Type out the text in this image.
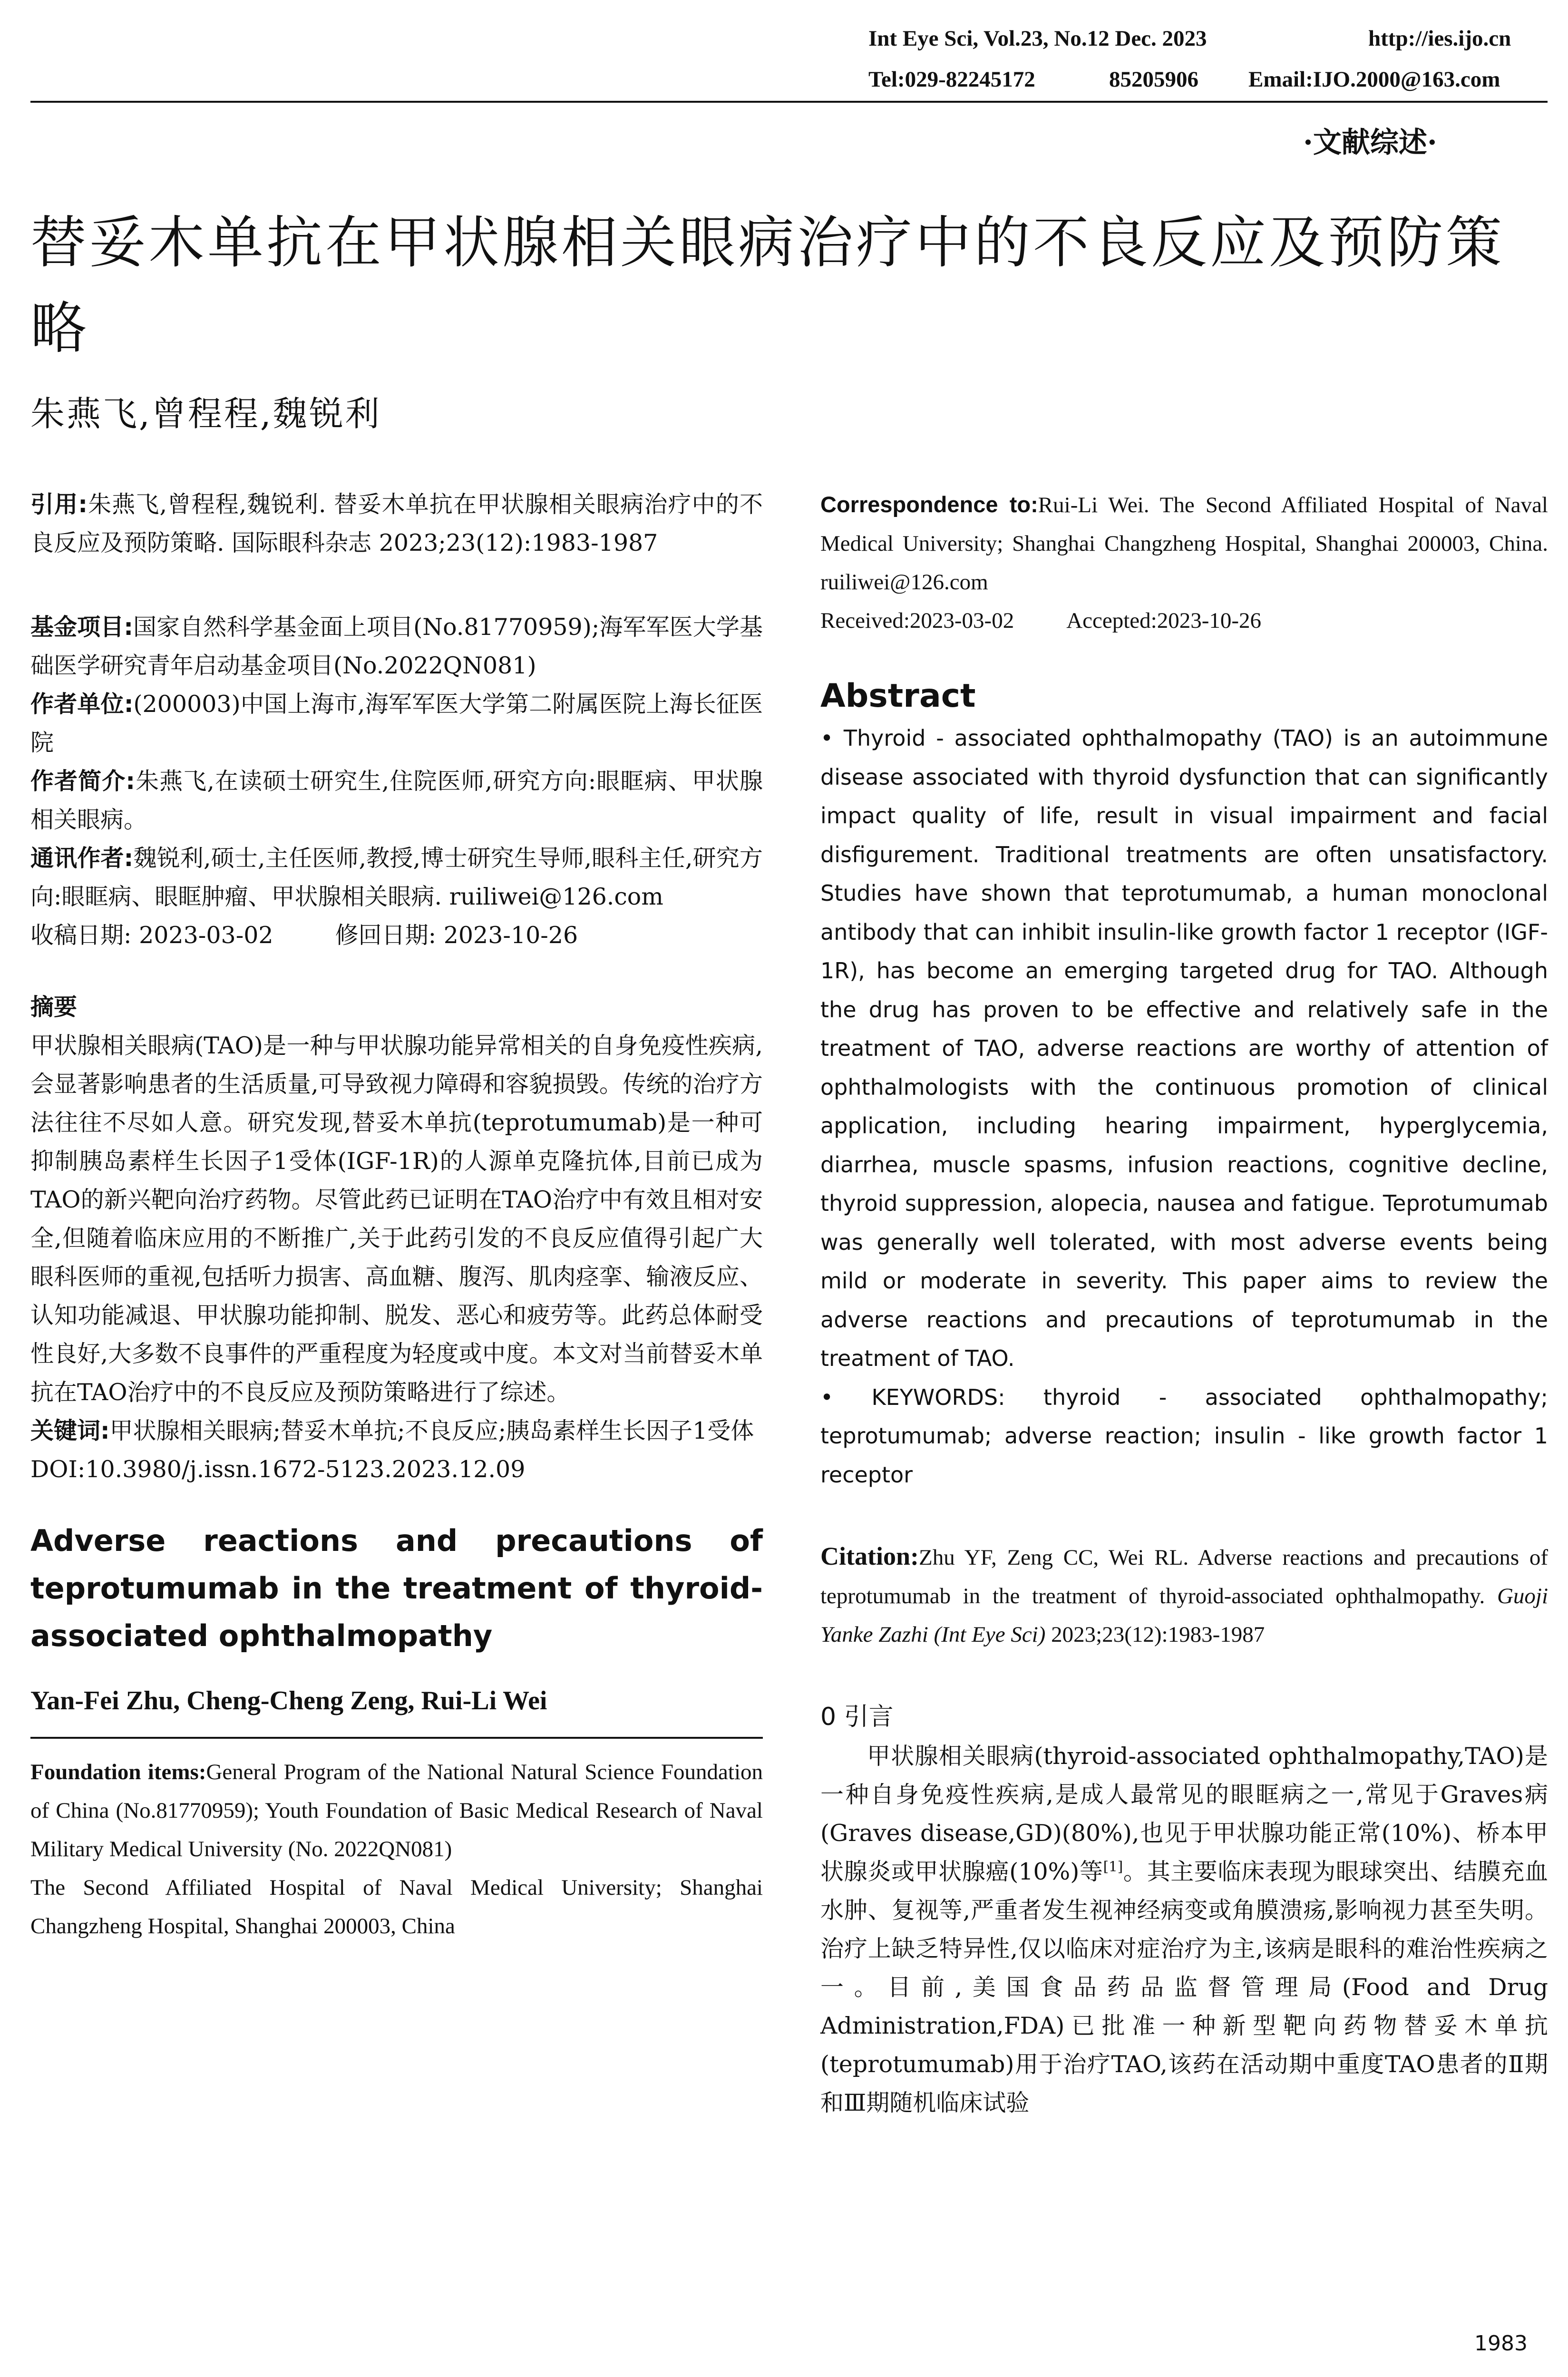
Int Eye Sci, Vol.23, No.12 Dec. 2023	http://ies.ijo.cn
Tel:029-82245172	85205906 Email:IJO.2000@163.com
·文献综述·
替妥木单抗在甲状腺相关眼病治疗中的不良反应及预防策略
朱燕飞,曾程程,魏锐利

引用:朱燕飞,曾程程,魏锐利. 替妥木单抗在甲状腺相关眼病治疗中的不良反应及预防策略. 国际眼科杂志 2023;23(12):1983-1987

基金项目:国家自然科学基金面上项目(No.81770959);海军军医大学基础医学研究青年启动基金项目(No.2022QN081)

作者单位:(200003)中国上海市,海军军医大学第二附属医院上海长征医院

作者简介:朱燕飞,在读硕士研究生,住院医师,研究方向:眼眶病、甲状腺相关眼病。

通讯作者:魏锐利,硕士,主任医师,教授,博士研究生导师,眼科主任,研究方向:眼眶病、眼眶肿瘤、甲状腺相关眼病. ruiliwei@126.com

收稿日期: 2023-03-02	修回日期: 2023-10-26

摘要

甲状腺相关眼病(TAO)是一种与甲状腺功能异常相关的自身免疫性疾病,会显著影响患者的生活质量,可导致视力障碍和容貌损毁。传统的治疗方法往往不尽如人意。研究发现,替妥木单抗(teprotumumab)是一种可抑制胰岛素样生长因子1受体(IGF-1R)的人源单克隆抗体,目前已成为TAO的新兴靶向治疗药物。尽管此药已证明在TAO治疗中有效且相对安全,但随着临床应用的不断推广,关于此药引发的不良反应值得引起广大眼科医师的重视,包括听力损害、高血糖、腹泻、肌肉痉挛、输液反应、认知功能减退、甲状腺功能抑制、脱发、恶心和疲劳等。此药总体耐受性良好,大多数不良事件的严重程度为轻度或中度。本文对当前替妥木单抗在TAO治疗中的不良反应及预防策略进行了综述。

关键词:甲状腺相关眼病;替妥木单抗;不良反应;胰岛素样生长因子1受体

DOI:10.3980/j.issn.1672-5123.2023.12.09

Adverse reactions and precautions of teprotumumab in the treatment of thyroid-associated ophthalmopathy

Yan-Fei Zhu, Cheng-Cheng Zeng, Rui-Li Wei

Foundation items:General Program of the National Natural Science Foundation of China (No.81770959); Youth Foundation of Basic Medical Research of Naval Military Medical University (No. 2022QN081)

The Second Affiliated Hospital of Naval Medical University; Shanghai Changzheng Hospital, Shanghai 200003, China

Correspondence to:Rui-Li Wei. The Second Affiliated Hospital of Naval Medical University; Shanghai Changzheng Hospital, Shanghai 200003, China. ruiliwei@126.com

Received:2023-03-02 Accepted:2023-10-26

Abstract

• Thyroid - associated ophthalmopathy (TAO) is an autoimmune disease associated with thyroid dysfunction that can significantly impact quality of life, result in visual impairment and facial disfigurement. Traditional treatments are often unsatisfactory. Studies have shown that teprotumumab, a human monoclonal antibody that can inhibit insulin-like growth factor 1 receptor (IGF-1R), has become an emerging targeted drug for TAO. Although the drug has proven to be effective and relatively safe in the treatment of TAO, adverse reactions are worthy of attention of ophthalmologists with the continuous promotion of clinical application, including hearing impairment, hyperglycemia, diarrhea, muscle spasms, infusion reactions, cognitive decline, thyroid suppression, alopecia, nausea and fatigue. Teprotumumab was generally well tolerated, with most adverse events being mild or moderate in severity. This paper aims to review the adverse reactions and precautions of teprotumumab in the treatment of TAO.

• KEYWORDS: thyroid - associated ophthalmopathy; teprotumumab; adverse reaction; insulin - like growth factor 1 receptor

Citation:Zhu YF, Zeng CC, Wei RL. Adverse reactions and precautions of teprotumumab in the treatment of thyroid-associated ophthalmopathy. Guoji Yanke Zazhi (Int Eye Sci) 2023;23(12):1983-1987

0 引言

甲状腺相关眼病(thyroid-associated ophthalmopathy,TAO)是一种自身免疫性疾病,是成人最常见的眼眶病之一,常见于Graves病(Graves disease,GD)(80%),也见于甲状腺功能正常(10%)、桥本甲状腺炎或甲状腺癌(10%)等[1]。其主要临床表现为眼球突出、结膜充血水肿、复视等,严重者发生视神经病变或角膜溃疡,影响视力甚至失明。治疗上缺乏特异性,仅以临床对症治疗为主,该病是眼科的难治性疾病之一。目前,美国食品药品监督管理局(Food and Drug Administration,FDA)已批准一种新型靶向药物替妥木单抗(teprotumumab)用于治疗TAO,该药在活动期中重度TAO患者的Ⅱ期和Ⅲ期随机临床试验

1983
